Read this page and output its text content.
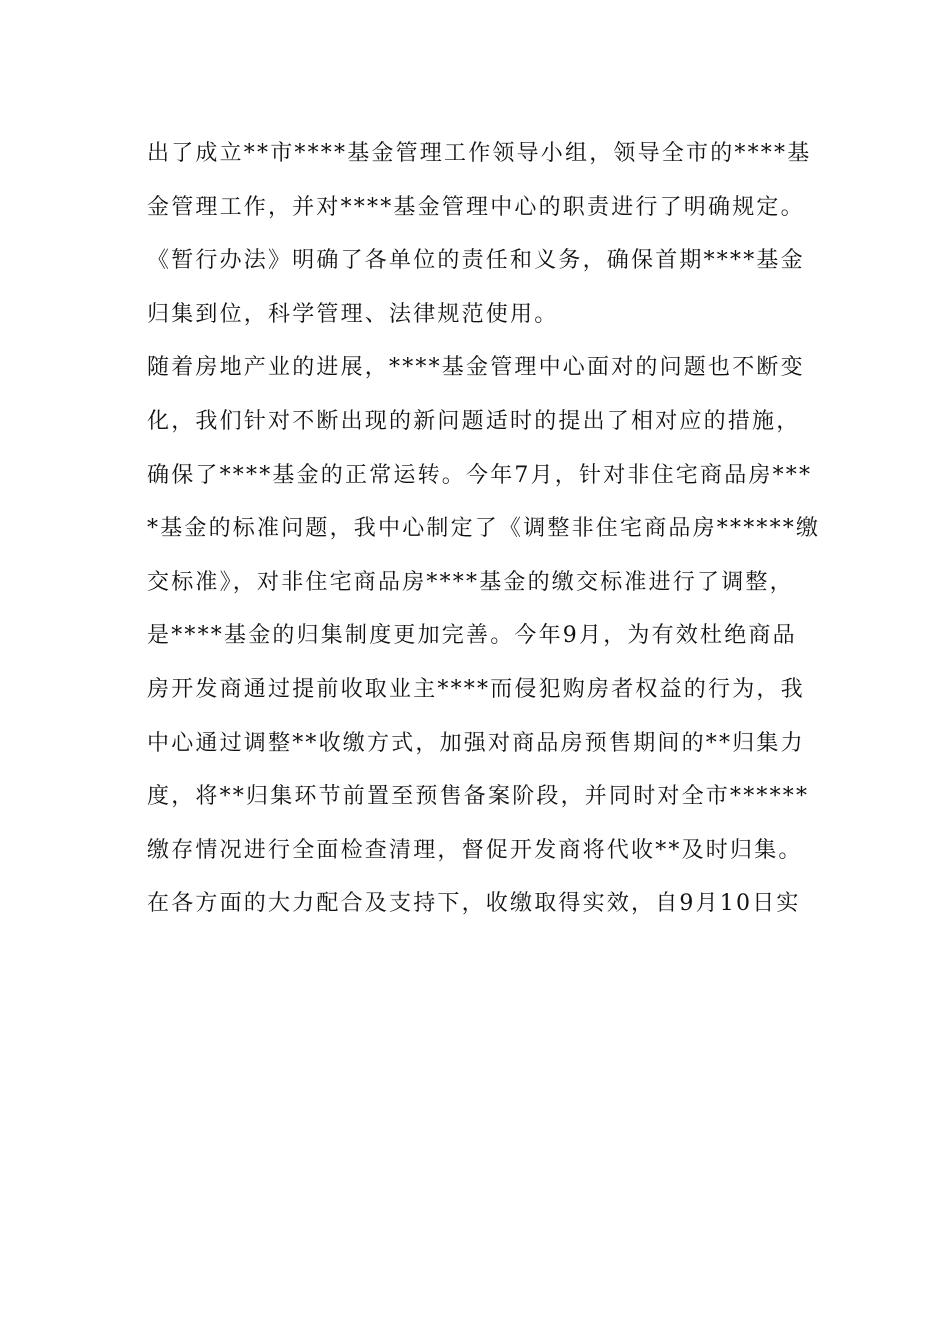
出了成立**市****基金管理工作领导小组，领导全市的****基
金管理工作，并对****基金管理中心的职责进行了明确规定。
《暂行办法》明确了各单位的责任和义务，确保首期****基金
归集到位，科学管理、法律规范使用。
随着房地产业的进展，****基金管理中心面对的问题也不断变
化，我们针对不断出现的新问题适时的提出了相对应的措施，
确保了****基金的正常运转。今年7月，针对非住宅商品房***
*基金的标准问题，我中心制定了《调整非住宅商品房******缴
交标准》，对非住宅商品房****基金的缴交标准进行了调整，
是****基金的归集制度更加完善。今年9月，为有效杜绝商品
房开发商通过提前收取业主****而侵犯购房者权益的行为，我
中心通过调整**收缴方式，加强对商品房预售期间的**归集力
度，将**归集环节前置至预售备案阶段，并同时对全市******
缴存情况进行全面检查清理，督促开发商将代收**及时归集。
在各方面的大力配合及支持下，收缴取得实效，自9月10日实
